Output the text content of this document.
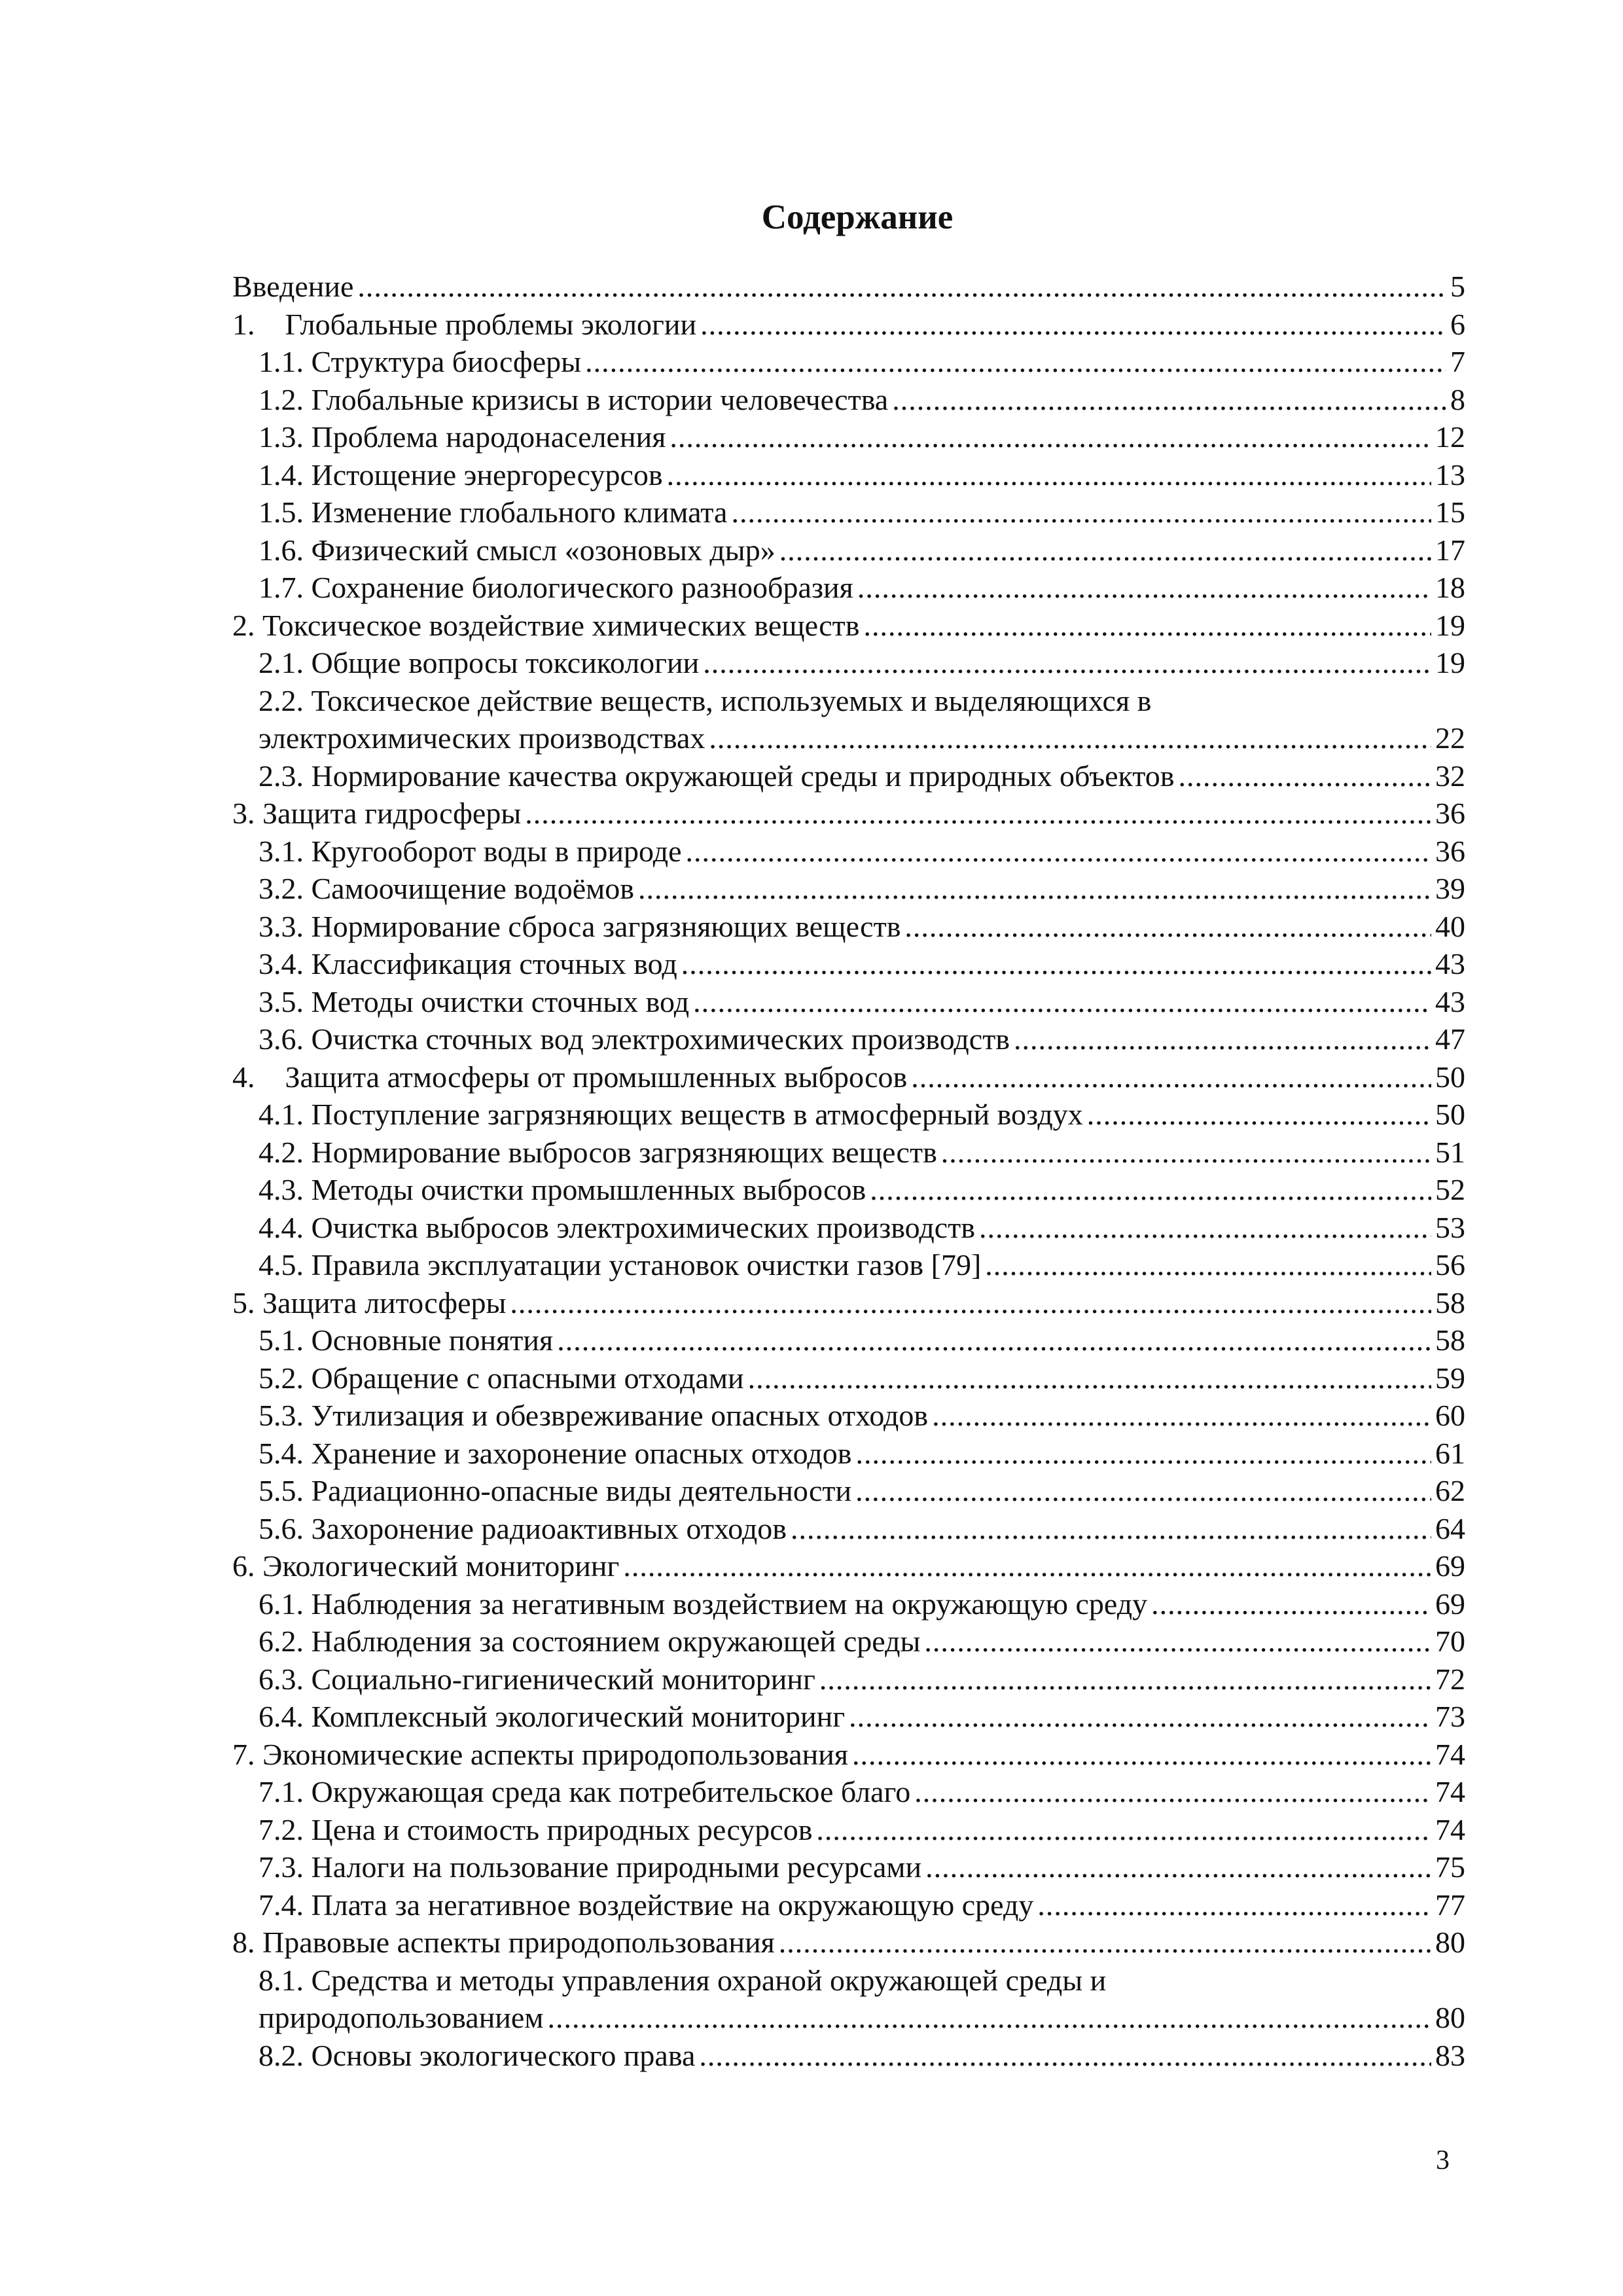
Содержание
Введение .....	5
1.    Глобальные проблемы экологии .....	6
1.1. Структура биосферы .....	7
1.2. Глобальные кризисы в истории человечества .....	8
1.3. Проблема народонаселения .....	12
1.4. Истощение энергоресурсов .....	13
1.5. Изменение глобального климата .....	15
1.6. Физический смысл «озоновых дыр» .....	17
1.7. Сохранение биологического разнообразия .....	18
2. Токсическое воздействие химических веществ .....	19
2.1. Общие вопросы токсикологии .....	19
2.2. Токсическое действие веществ, используемых и выделяющихся в
электрохимических производствах .....	22
2.3. Нормирование качества окружающей среды и природных объектов .....	32
3. Защита гидросферы .....	36
3.1. Кругооборот воды в природе .....	36
3.2. Самоочищение водоёмов .....	39
3.3. Нормирование сброса загрязняющих веществ .....	40
3.4. Классификация сточных вод .....	43
3.5. Методы очистки сточных вод .....	43
3.6. Очистка сточных вод электрохимических производств .....	47
4.    Защита атмосферы от промышленных выбросов .....	50
4.1. Поступление загрязняющих веществ в атмосферный воздух .....	50
4.2. Нормирование выбросов загрязняющих веществ .....	51
4.3. Методы очистки промышленных выбросов .....	52
4.4. Очистка выбросов электрохимических производств .....	53
4.5. Правила эксплуатации установок очистки газов [79] .....	56
5. Защита литосферы .....	58
5.1. Основные понятия .....	58
5.2. Обращение с опасными отходами .....	59
5.3. Утилизация и обезвреживание опасных отходов .....	60
5.4. Хранение и захоронение опасных отходов .....	61
5.5. Радиационно-опасные виды деятельности .....	62
5.6. Захоронение радиоактивных отходов .....	64
6. Экологический мониторинг .....	69
6.1. Наблюдения за негативным воздействием на окружающую среду .....	69
6.2. Наблюдения за состоянием окружающей среды .....	70
6.3. Социально-гигиенический мониторинг .....	72
6.4. Комплексный экологический мониторинг .....	73
7. Экономические аспекты природопользования .....	74
7.1. Окружающая среда как потребительское благо .....	74
7.2. Цена и стоимость природных ресурсов .....	74
7.3. Налоги на пользование природными ресурсами .....	75
7.4. Плата за негативное воздействие на окружающую среду .....	77
8. Правовые аспекты природопользования .....	80
8.1. Средства и методы управления охраной окружающей среды и
природопользованием .....	80
8.2. Основы экологического права .....	83
3
